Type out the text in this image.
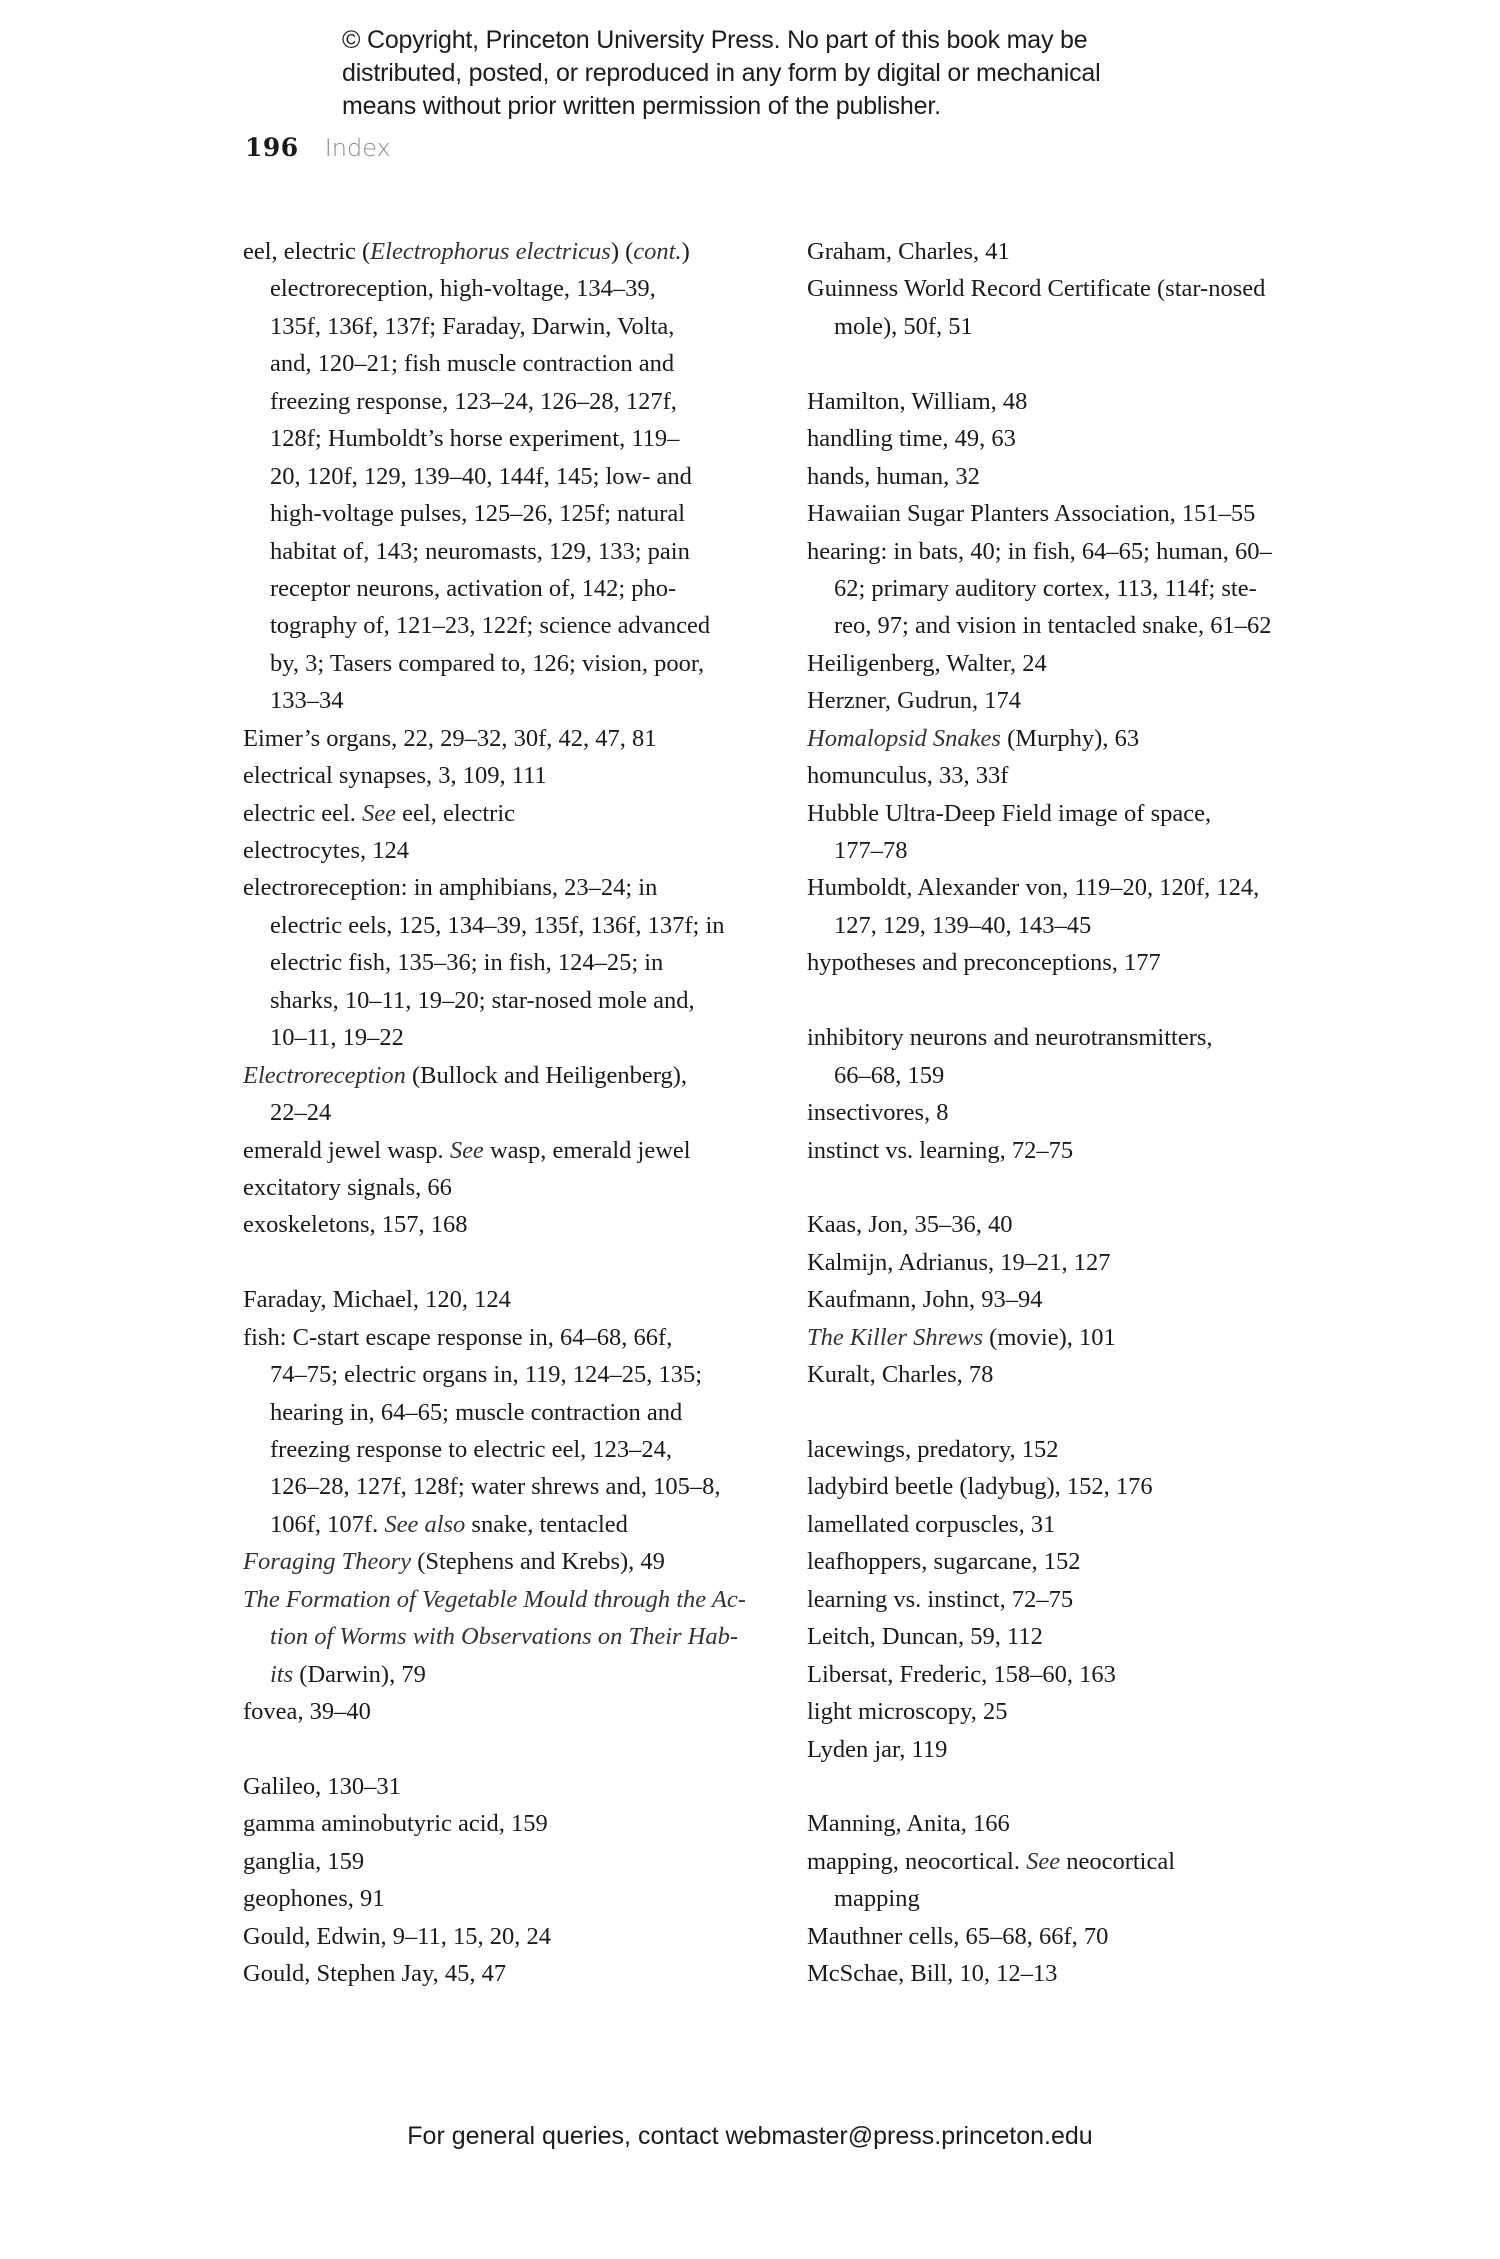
© Copyright, Princeton University Press. No part of this book may be
distributed, posted, or reproduced in any form by digital or mechanical
means without prior written permission of the publisher.
196 Index
eel, electric (Electrophorus electricus) (cont.)
electroreception, high-voltage, 134–39,
135f, 136f, 137f; Faraday, Darwin, Volta,
and, 120–21; fish muscle contraction and
freezing response, 123–24, 126–28, 127f,
128f; Humboldt’s horse experiment, 119–
20, 120f, 129, 139–40, 144f, 145; low- and
high-voltage pulses, 125–26, 125f; natural
habitat of, 143; neuromasts, 129, 133; pain
receptor neurons, activation of, 142; pho-
tography of, 121–23, 122f; science advanced
by, 3; Tasers compared to, 126; vision, poor,
133–34
Eimer’s organs, 22, 29–32, 30f, 42, 47, 81
electrical synapses, 3, 109, 111
electric eel. See eel, electric
electrocytes, 124
electroreception: in amphibians, 23–24; in
electric eels, 125, 134–39, 135f, 136f, 137f; in
electric fish, 135–36; in fish, 124–25; in
sharks, 10–11, 19–20; star-nosed mole and,
10–11, 19–22
Electroreception (Bullock and Heiligenberg),
22–24
emerald jewel wasp. See wasp, emerald jewel
excitatory signals, 66
exoskeletons, 157, 168
Faraday, Michael, 120, 124
fish: C-start escape response in, 64–68, 66f,
74–75; electric organs in, 119, 124–25, 135;
hearing in, 64–65; muscle contraction and
freezing response to electric eel, 123–24,
126–28, 127f, 128f; water shrews and, 105–8,
106f, 107f. See also snake, tentacled
Foraging Theory (Stephens and Krebs), 49
The Formation of Vegetable Mould through the Ac-
tion of Worms with Observations on Their Hab-
its (Darwin), 79
fovea, 39–40
Galileo, 130–31
gamma aminobutyric acid, 159
ganglia, 159
geophones, 91
Gould, Edwin, 9–11, 15, 20, 24
Gould, Stephen Jay, 45, 47
Graham, Charles, 41
Guinness World Record Certificate (star-nosed
mole), 50f, 51
Hamilton, William, 48
handling time, 49, 63
hands, human, 32
Hawaiian Sugar Planters Association, 151–55
hearing: in bats, 40; in fish, 64–65; human, 60–
62; primary auditory cortex, 113, 114f; ste-
reo, 97; and vision in tentacled snake, 61–62
Heiligenberg, Walter, 24
Herzner, Gudrun, 174
Homalopsid Snakes (Murphy), 63
homunculus, 33, 33f
Hubble Ultra-Deep Field image of space,
177–78
Humboldt, Alexander von, 119–20, 120f, 124,
127, 129, 139–40, 143–45
hypotheses and preconceptions, 177
inhibitory neurons and neurotransmitters,
66–68, 159
insectivores, 8
instinct vs. learning, 72–75
Kaas, Jon, 35–36, 40
Kalmijn, Adrianus, 19–21, 127
Kaufmann, John, 93–94
The Killer Shrews (movie), 101
Kuralt, Charles, 78
lacewings, predatory, 152
ladybird beetle (ladybug), 152, 176
lamellated corpuscles, 31
leafhoppers, sugarcane, 152
learning vs. instinct, 72–75
Leitch, Duncan, 59, 112
Libersat, Frederic, 158–60, 163
light microscopy, 25
Lyden jar, 119
Manning, Anita, 166
mapping, neocortical. See neocortical
mapping
Mauthner cells, 65–68, 66f, 70
McSchae, Bill, 10, 12–13
For general queries, contact webmaster@press.princeton.edu
